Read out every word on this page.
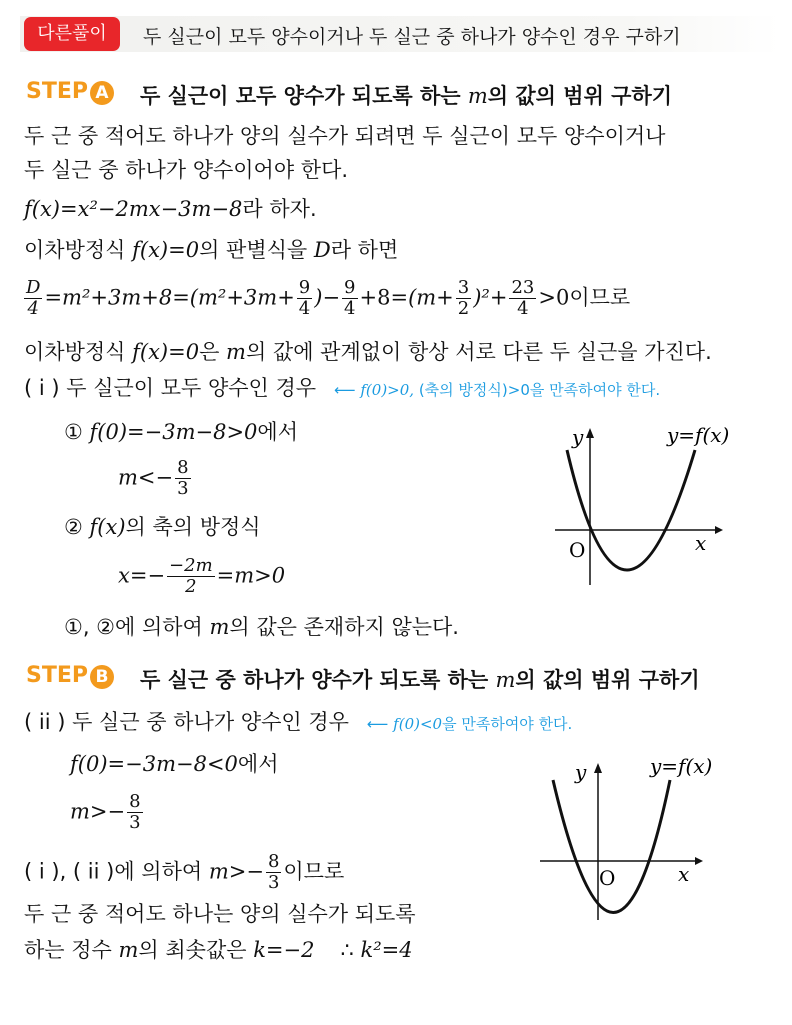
다른풀이	두 실근이 모두 양수이거나 두 실근 중 하나가 양수인 경우 구하기
STEP A 두 실근이 모두 양수가 되도록 하는 m의 값의 범위 구하기
두 근 중 적어도 하나가 양의 실수가 되려면 두 실근이 모두 양수이거나
두 실근 중 하나가 양수이어야 한다.
f(x)=x²−2mx−3m−8라 하자.
이차방정식 f(x)=0의 판별식을 D라 하면
$\frac{D}{4} =m^2+3m+8=(m^2+3m+ \frac{9}{4}$ )− $\frac{9}{4} +8=(m+ \frac{3}{2} )^2+ \frac{23}{4} >0$이므로
이차방정식 f(x)=0은 m의 값에 관계없이 항상 서로 다른 두 실근을 가진다.
( i ) 두 실근이 모두 양수인 경우 ⟵ f(0)>0, (축의 방정식)>0을 만족하여야 한다.
① f(0)=−3m−8>0에서
$m<- \frac{8}{3}$
② f(x)의 축의 방정식
$x=- \frac{-2m}{2} =m>0$
①, ②에 의하여 m의 값은 존재하지 않는다.
y
x
O
y=f(x)
STEP B 두 실근 중 하나가 양수가 되도록 하는 m의 값의 범위 구하기
( ii ) 두 실근 중 하나가 양수인 경우 ⟵ f(0)<0을 만족하여야 한다.
f(0)=−3m−8<0에서
$m>- \frac{8}{3}$
( i ), ( ii )에 의하여 $m>- \frac{8}{3}$ 이므로
두 근 중 적어도 하나는 양의 실수가 되도록
하는 정수 m의 최솟값은 k=−2 ∴ k²=4
y
x
O
y=f(x)
